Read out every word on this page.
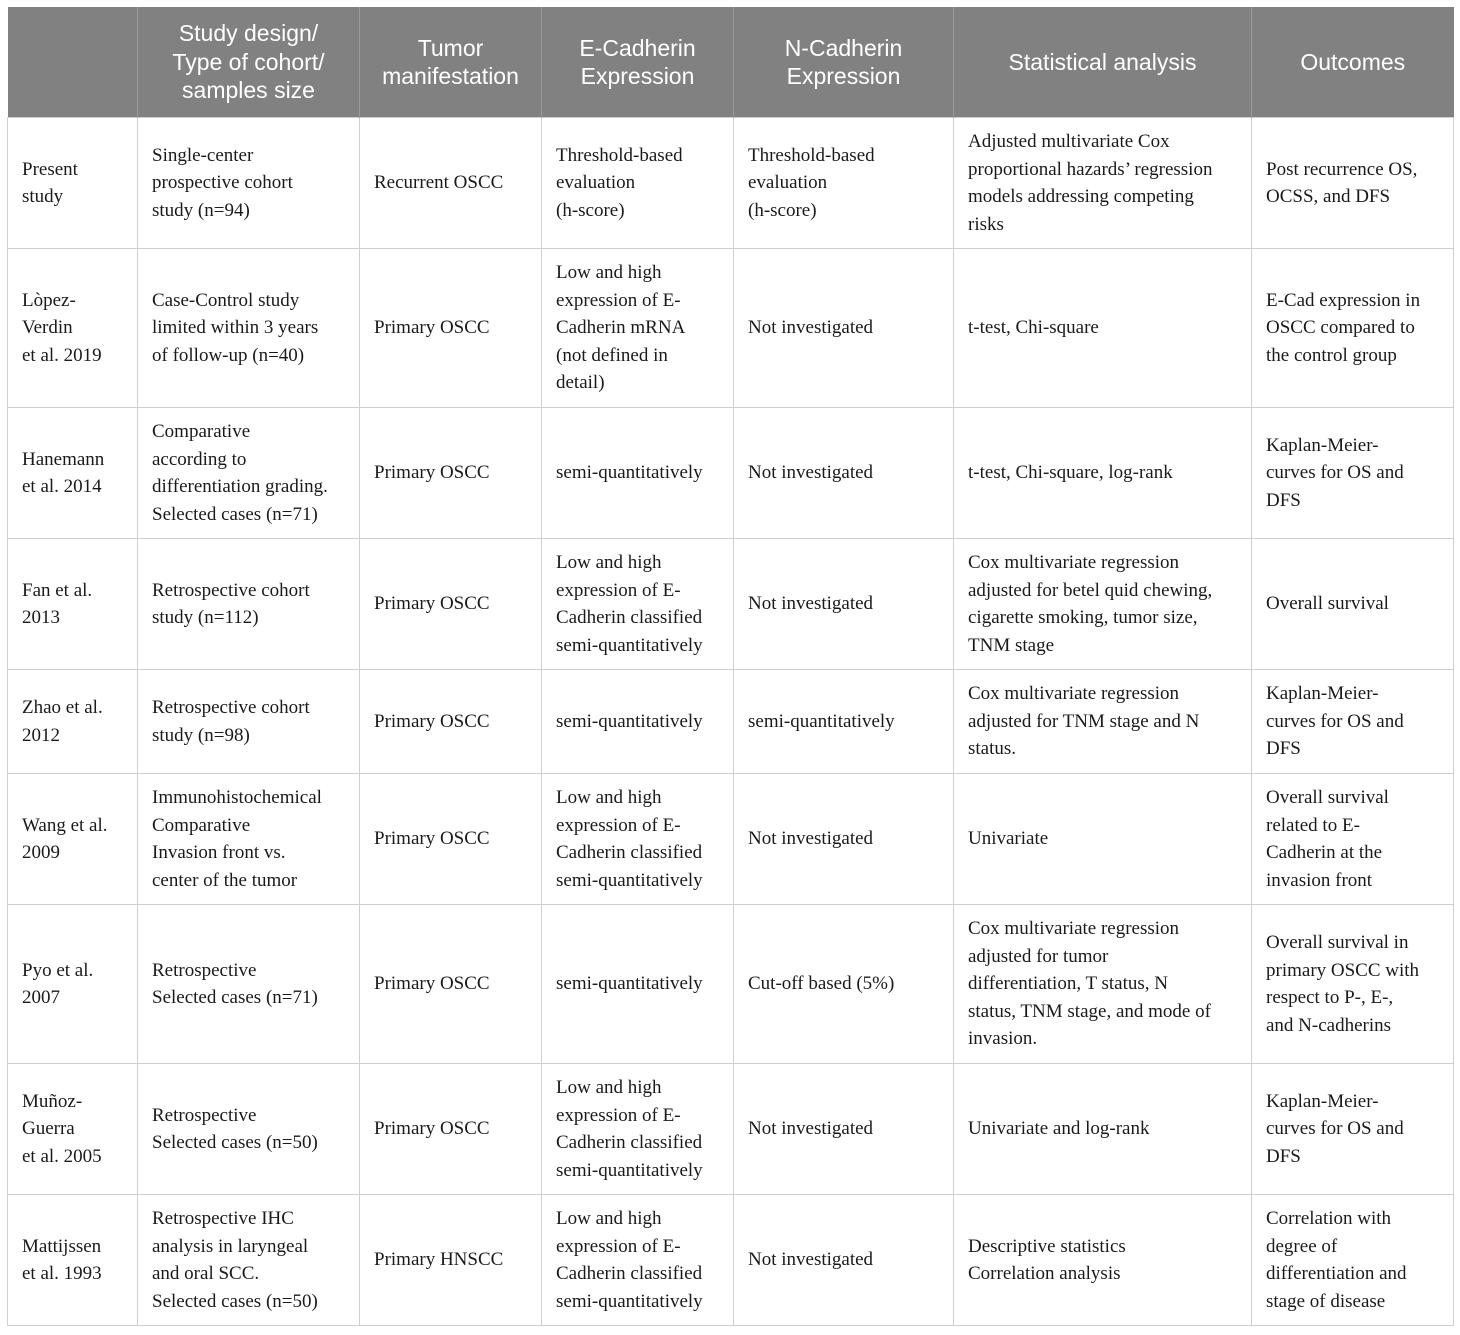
	Study design/
Type of cohort/
samples size	Tumor
manifestation	E-Cadherin
Expression	N-Cadherin
Expression	Statistical analysis	Outcomes
Present
study	Single-center
prospective cohort
study (n=94)	Recurrent OSCC	Threshold-based
evaluation
(h-score)	Threshold-based
evaluation
(h-score)	Adjusted multivariate Cox
proportional hazards’ regression
models addressing competing
risks	Post recurrence OS,
OCSS, and DFS
Lòpez-
Verdin
et al. 2019	Case-Control study
limited within 3 years
of follow-up (n=40)	Primary OSCC	Low and high
expression of E-
Cadherin mRNA
(not defined in
detail)	Not investigated	t-test, Chi-square	E-Cad expression in
OSCC compared to
the control group
Hanemann
et al. 2014	Comparative
according to
differentiation grading.
Selected cases (n=71)	Primary OSCC	semi-quantitatively	Not investigated	t-test, Chi-square, log-rank	Kaplan-Meier-
curves for OS and
DFS
Fan et al.
2013	Retrospective cohort
study (n=112)	Primary OSCC	Low and high
expression of E-
Cadherin classified
semi-quantitatively	Not investigated	Cox multivariate regression
adjusted for betel quid chewing,
cigarette smoking, tumor size,
TNM stage	Overall survival
Zhao et al.
2012	Retrospective cohort
study (n=98)	Primary OSCC	semi-quantitatively	semi-quantitatively	Cox multivariate regression
adjusted for TNM stage and N
status.	Kaplan-Meier-
curves for OS and
DFS
Wang et al.
2009	Immunohistochemical
Comparative
Invasion front vs.
center of the tumor	Primary OSCC	Low and high
expression of E-
Cadherin classified
semi-quantitatively	Not investigated	Univariate	Overall survival
related to E-
Cadherin at the
invasion front
Pyo et al.
2007	Retrospective
Selected cases (n=71)	Primary OSCC	semi-quantitatively	Cut-off based (5%)	Cox multivariate regression
adjusted for tumor
differentiation, T status, N
status, TNM stage, and mode of
invasion.	Overall survival in
primary OSCC with
respect to P-, E-,
and N-cadherins
Muñoz-
Guerra
et al. 2005	Retrospective
Selected cases (n=50)	Primary OSCC	Low and high
expression of E-
Cadherin classified
semi-quantitatively	Not investigated	Univariate and log-rank	Kaplan-Meier-
curves for OS and
DFS
Mattijssen
et al. 1993	Retrospective IHC
analysis in laryngeal
and oral SCC.
Selected cases (n=50)	Primary HNSCC	Low and high
expression of E-
Cadherin classified
semi-quantitatively	Not investigated	Descriptive statistics
Correlation analysis	Correlation with
degree of
differentiation and
stage of disease
